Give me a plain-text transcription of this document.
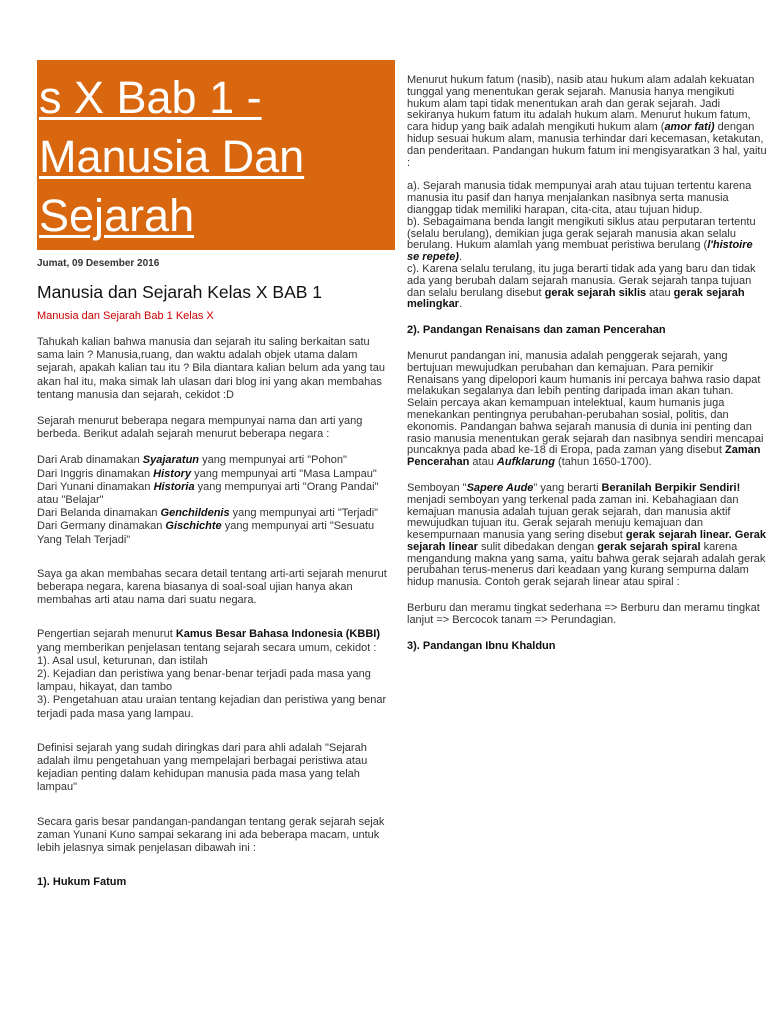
s X Bab 1 -
Manusia Dan
Sejarah
Jumat, 09 Desember 2016
Manusia dan Sejarah Kelas X BAB 1
Manusia dan Sejarah Bab 1 Kelas X
Tahukah kalian bahwa manusia dan sejarah itu saling berkaitan satu sama lain ? Manusia,ruang, dan waktu adalah objek utama dalam sejarah, apakah kalian tau itu ? Bila diantara kalian belum ada yang tau akan hal itu, maka simak lah ulasan dari blog ini yang akan membahas tentang manusia dan sejarah, cekidot :D
Sejarah menurut beberapa negara mempunyai nama dan arti yang berbeda. Berikut adalah sejarah menurut beberapa negara :

Dari Arab dinamakan Syajaratun yang mempunyai arti "Pohon"

Dari Inggris dinamakan History yang mempunyai arti "Masa Lampau"

Dari Yunani dinamakan Historia yang mempunyai arti "Orang Pandai" atau "Belajar"

Dari Belanda dinamakan Genchildenis yang mempunyai arti "Terjadi"

Dari Germany dinamakan Gischichte yang mempunyai arti "Sesuatu Yang Telah Terjadi"

Saya ga akan membahas secara detail tentang arti-arti sejarah menurut beberapa negara, karena biasanya di soal-soal ujian hanya akan membahas arti atau nama dari suatu negara.

Pengertian sejarah menurut Kamus Besar Bahasa Indonesia (KBBI) yang memberikan penjelasan tentang sejarah secara umum, cekidot :

1). Asal usul, keturunan, dan istilah

2). Kejadian dan peristiwa yang benar-benar terjadi pada masa yang lampau, hikayat, dan tambo

3). Pengetahuan atau uraian tentang kejadian dan peristiwa yang benar terjadi pada masa yang lampau.

Definisi sejarah yang sudah diringkas dari para ahli adalah "Sejarah adalah ilmu pengetahuan yang mempelajari berbagai peristiwa atau kejadian penting dalam kehidupan manusia pada masa yang telah lampau"
Secara garis besar pandangan-pandangan tentang gerak sejarah sejak zaman Yunani Kuno sampai sekarang ini ada beberapa macam, untuk lebih jelasnya simak penjelasan dibawah ini :
1). Hukum Fatum
Menurut hukum fatum (nasib), nasib atau hukum alam adalah kekuatan tunggal yang menentukan gerak sejarah. Manusia hanya mengikuti hukum alam tapi tidak menentukan arah dan gerak sejarah. Jadi sekiranya hukum fatum itu adalah hukum alam. Menurut hukum fatum, cara hidup yang baik adalah mengikuti hukum alam (amor fati) dengan hidup sesuai hukum alam, manusia terhindar dari kecemasan, ketakutan, dan penderitaan. Pandangan hukum fatum ini mengisyaratkan 3 hal, yaitu :

a). Sejarah manusia tidak mempunyai arah atau tujuan tertentu karena manusia itu pasif dan hanya menjalankan nasibnya serta manusia dianggap tidak memiliki harapan, cita-cita, atau tujuan hidup.

b). Sebagaimana benda langit mengikuti siklus atau perputaran tertentu (selalu berulang), demikian juga gerak sejarah manusia akan selalu berulang. Hukum alamlah yang membuat peristiwa berulang (l'histoire se repete).

c). Karena selalu terulang, itu juga berarti tidak ada yang baru dan tidak ada yang berubah dalam sejarah manusia. Gerak sejarah tanpa tujuan dan selalu berulang disebut gerak sejarah siklis atau gerak sejarah melingkar.

2). Pandangan Renaisans dan zaman Pencerahan
Menurut pandangan ini, manusia adalah penggerak sejarah, yang bertujuan mewujudkan perubahan dan kemajuan. Para pemikir Renaisans yang dipelopori kaum humanis ini percaya bahwa rasio dapat melakukan segalanya dan lebih penting daripada iman akan tuhan. Selain percaya akan kemampuan intelektual, kaum humanis juga menekankan pentingnya perubahan-perubahan sosial, politis, dan ekonomis. Pandangan bahwa sejarah manusia di dunia ini penting dan rasio manusia menentukan gerak sejarah dan nasibnya sendiri mencapai puncaknya pada abad ke-18 di Eropa, pada zaman yang disebut Zaman Pencerahan atau Aufklarung (tahun 1650-1700).
Semboyan "Sapere Aude" yang berarti Beranilah Berpikir Sendiri! menjadi semboyan yang terkenal pada zaman ini. Kebahagiaan dan kemajuan manusia adalah tujuan gerak sejarah, dan manusia aktif mewujudkan tujuan itu. Gerak sejarah menuju kemajuan dan kesempurnaan manusia yang sering disebut gerak sejarah linear. Gerak sejarah linear sulit dibedakan dengan gerak sejarah spiral karena mengandung makna yang sama, yaitu bahwa gerak sejarah adalah gerak perubahan terus-menerus dari keadaan yang kurang sempurna dalam hidup manusia. Contoh gerak sejarah linear atau spiral :
Berburu dan meramu tingkat sederhana => Berburu dan meramu tingkat lanjut => Bercocok tanam => Perundagian.
3). Pandangan Ibnu Khaldun
